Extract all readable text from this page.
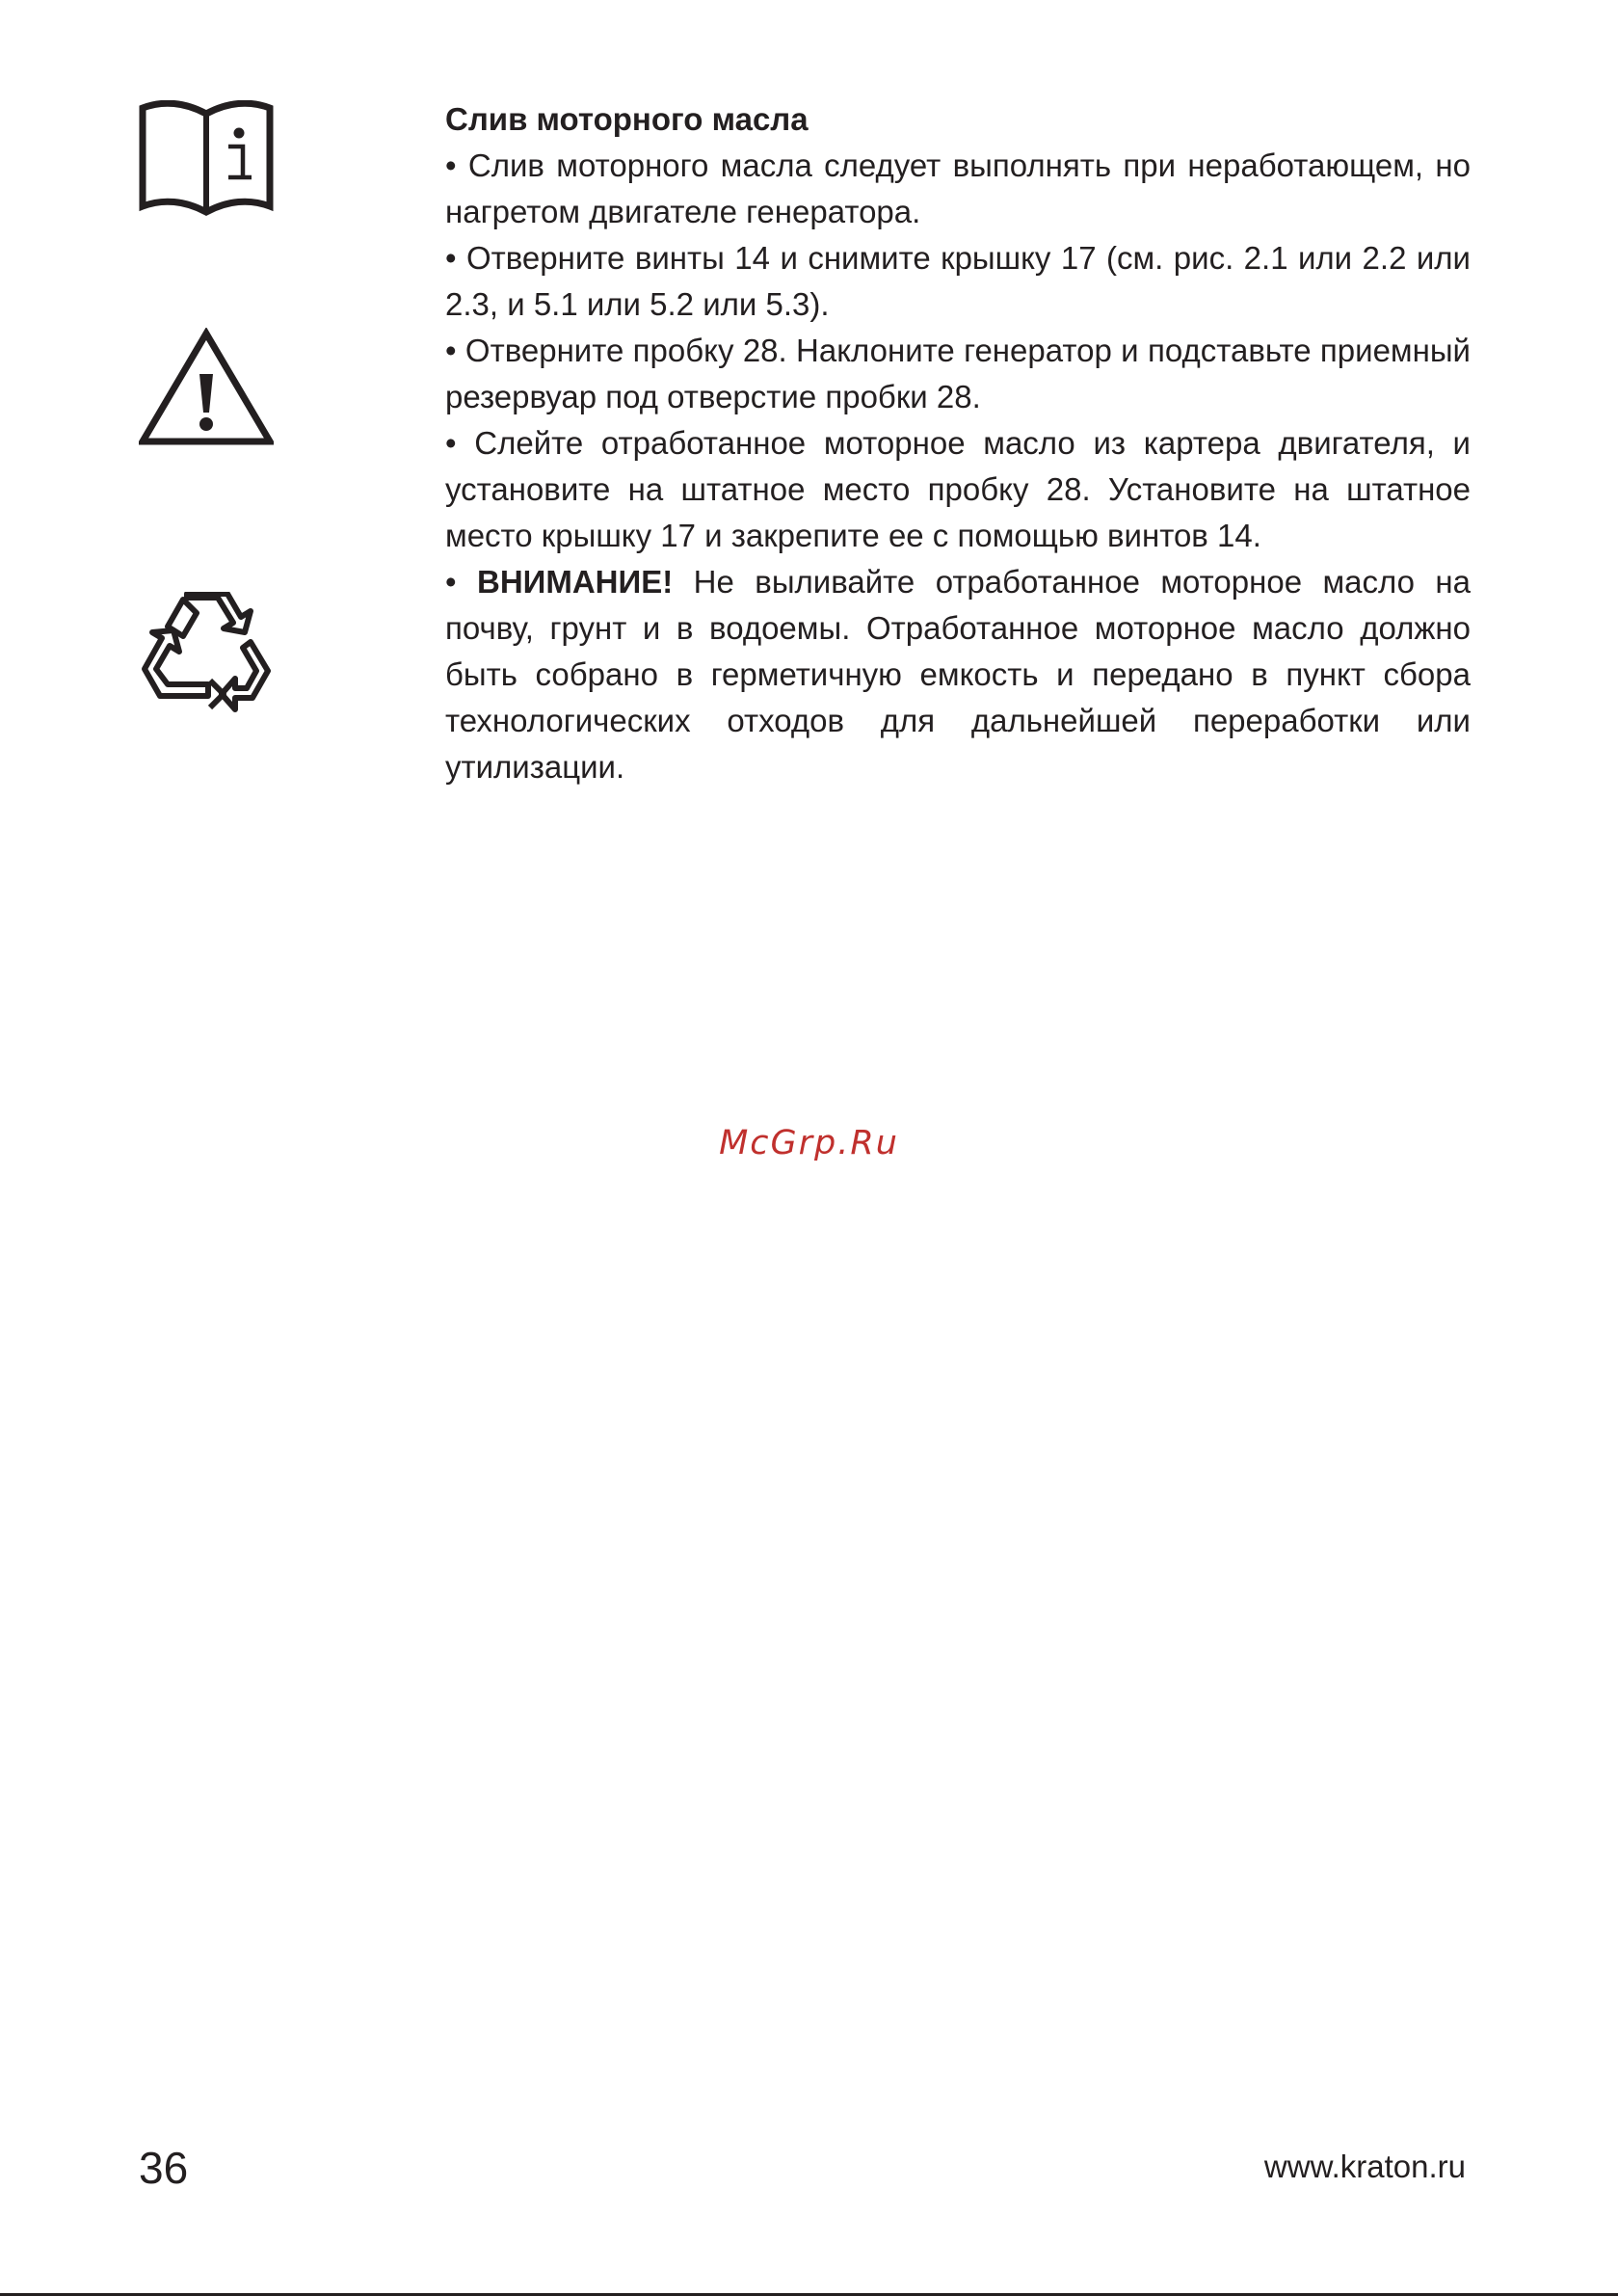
Слив моторного масла

• Слив моторного масла следует выполнять при неработающем, но нагретом двигателе генератора.

• Отверните винты 14 и снимите крышку 17 (см. рис. 2.1 или 2.2 или 2.3, и 5.1 или 5.2 или 5.3).

• Отверните пробку 28. Наклоните генератор и подставьте приемный резервуар под отверстие пробки 28.

• Слейте отработанное моторное масло из картера двигателя, и установите на штатное место пробку 28. Установите на штатное место крышку 17 и закрепите ее с помощью винтов 14.

• ВНИМАНИЕ! Не выливайте отработанное моторное масло на почву, грунт и в водоемы. Отработанное моторное масло должно быть собрано в герметичную емкость и передано в пункт сбора технологических отходов для дальнейшей переработки или утилизации.

McGrp.Ru
36	www.kraton.ru
